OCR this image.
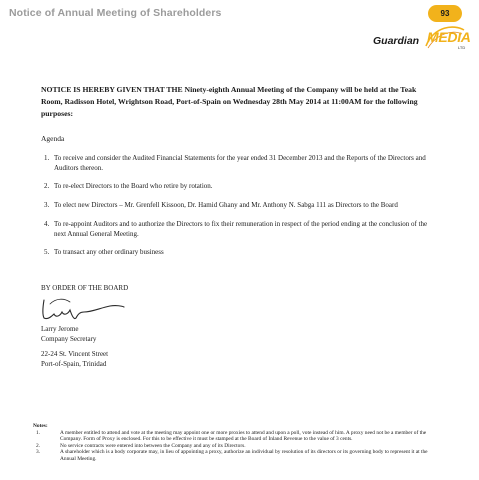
Notice of Annual Meeting of Shareholders	93
Guardian MEDIA
LTD
NOTICE IS HEREBY GIVEN THAT THE Ninety-eighth Annual Meeting of the Company will be held at the Teak Room, Radisson Hotel, Wrightson Road, Port-of-Spain on Wednesday 28th May 2014 at 11:00AM for the following purposes:
Agenda
1. To receive and consider the Audited Financial Statements for the year ended 31 December 2013 and the Reports of the Directors and Auditors thereon.
2. To re-elect Directors to the Board who retire by rotation.
3. To elect new Directors – Mr. Grenfell Kissoon, Dr. Hamid Ghany and Mr. Anthony N. Sabga 111 as Directors to the Board
4. To re-appoint Auditors and to authorize the Directors to fix their remuneration in respect of the period ending at the conclusion of the next Annual General Meeting.
5. To transact any other ordinary business
BY ORDER OF THE BOARD
Larry Jerome
Company Secretary
22-24 St. Vincent Street
Port-of-Spain, Trinidad
Notes:
1.	A member entitled to attend and vote at the meeting may appoint one or more proxies to attend and upon a poll, vote instead of him. A proxy need not be a member of the Company. Form of Proxy is enclosed. For this to be effective it must be stamped at the Board of Inland Revenue to the value of 3 cents.
2.	No service contracts were entered into between the Company and any of its Directors.
3.	A shareholder which is a body corporate may, in lieu of appointing a proxy, authorize an individual by resolution of its directors or its governing body to represent it at the Annual Meeting.
